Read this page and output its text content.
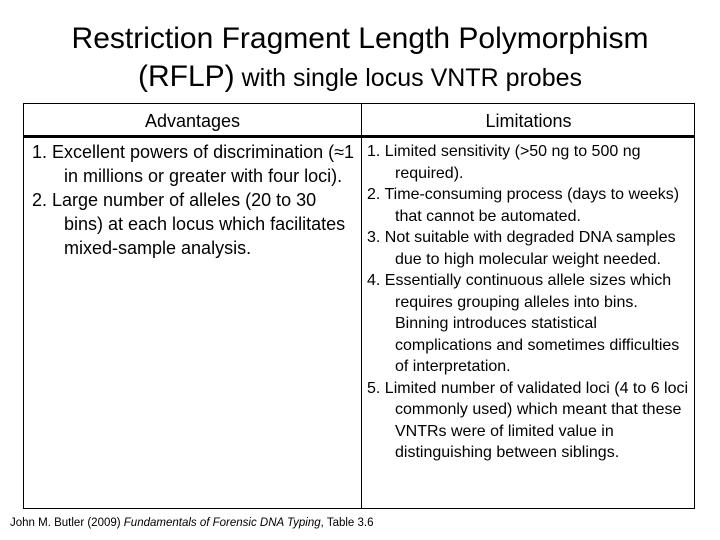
Restriction Fragment Length Polymorphism
(RFLP) with single locus VNTR probes
Advantages	Limitations
1. Excellent powers of discrimination (≈1 in millions or greater with four loci).
2. Large number of alleles (20 to 30 bins) at each locus which facilitates mixed-sample analysis.
1. Limited sensitivity (>50 ng to 500 ng required).
2. Time-consuming process (days to weeks) that cannot be automated.
3. Not suitable with degraded DNA samples due to high molecular weight needed.
4. Essentially continuous allele sizes which requires grouping alleles into bins. Binning introduces statistical complications and sometimes difficulties of interpretation.
5. Limited number of validated loci (4 to 6 loci commonly used) which meant that these VNTRs were of limited value in distinguishing between siblings.
John M. Butler (2009) Fundamentals of Forensic DNA Typing, Table 3.6
